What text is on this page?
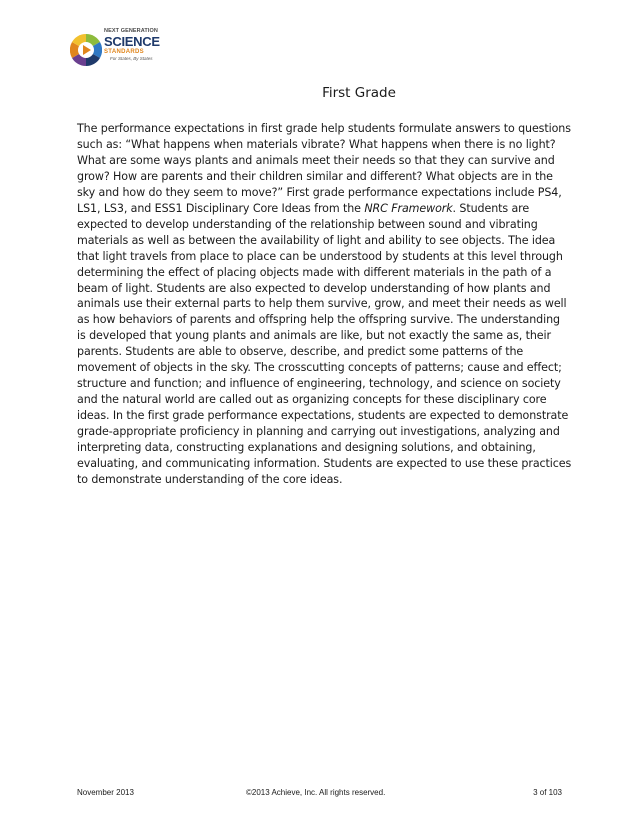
NEXT GENERATION
SCIENCE
STANDARDS
For States, By States
First Grade

The performance expectations in first grade help students formulate answers to questions such as: “What happens when materials vibrate? What happens when there is no light? What are some ways plants and animals meet their needs so that they can survive and grow? How are parents and their children similar and different? What objects are in the sky and how do they seem to move?” First grade performance expectations include PS4, LS1, LS3, and ESS1 Disciplinary Core Ideas from the NRC Framework. Students are expected to develop understanding of the relationship between sound and vibrating materials as well as between the availability of light and ability to see objects. The idea that light travels from place to place can be understood by students at this level through determining the effect of placing objects made with different materials in the path of a beam of light. Students are also expected to develop understanding of how plants and animals use their external parts to help them survive, grow, and meet their needs as well as how behaviors of parents and offspring help the offspring survive. The understanding is developed that young plants and animals are like, but not exactly the same as, their parents. Students are able to observe, describe, and predict some patterns of the movement of objects in the sky. The crosscutting concepts of patterns; cause and effect; structure and function; and influence of engineering, technology, and science on society and the natural world are called out as organizing concepts for these disciplinary core ideas. In the first grade performance expectations, students are expected to demonstrate grade-appropriate proficiency in planning and carrying out investigations, analyzing and interpreting data, constructing explanations and designing solutions, and obtaining, evaluating, and communicating information. Students are expected to use these practices to demonstrate understanding of the core ideas.

November 2013	©2013 Achieve, Inc. All rights reserved.	3 of 103
